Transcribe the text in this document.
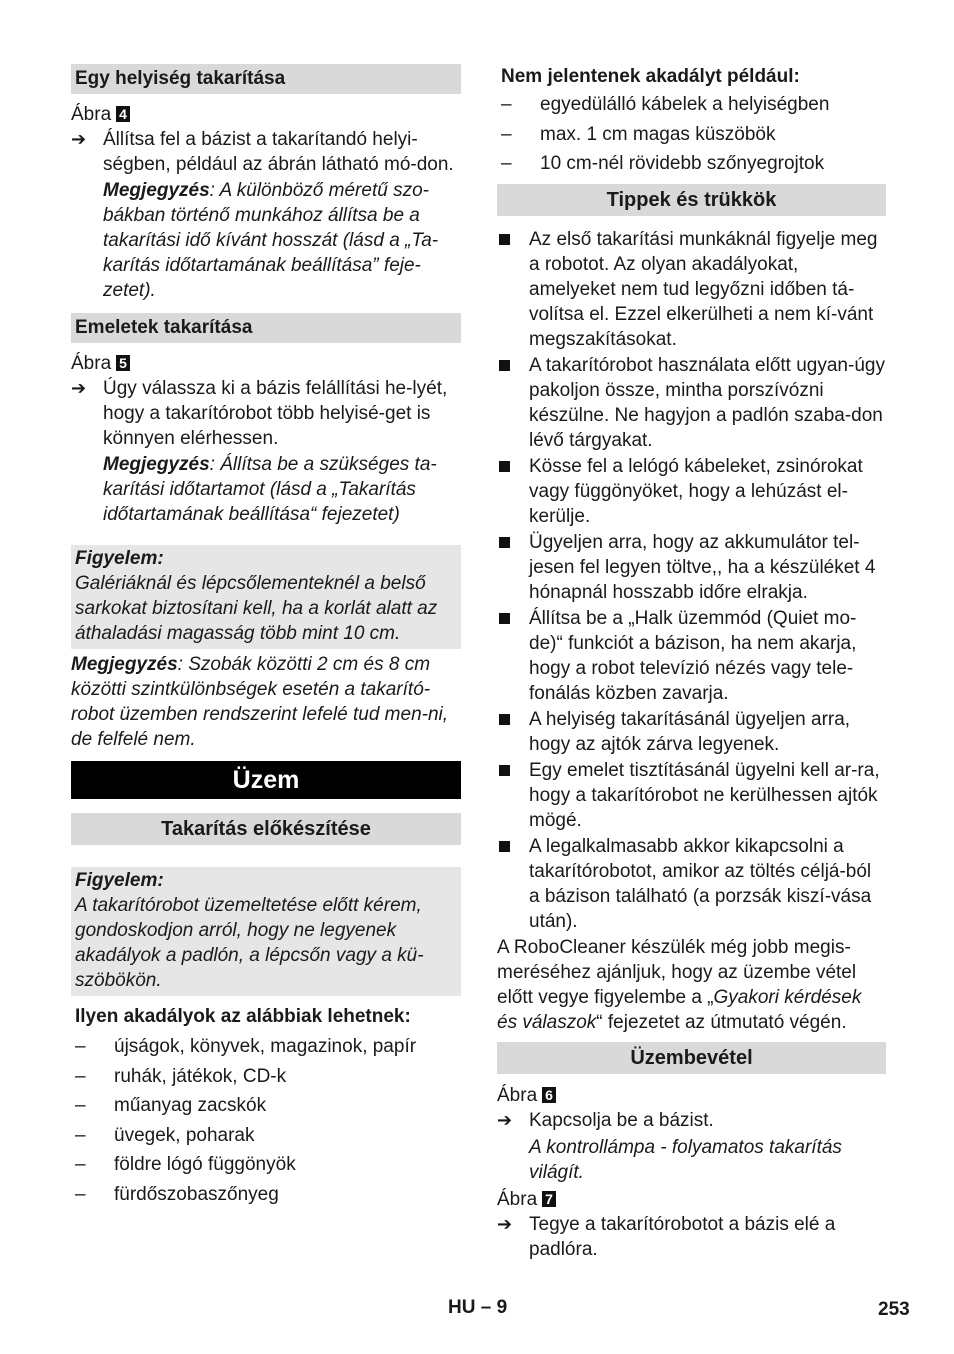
Egy helyiség takarítása
Ábra 4
➔ Állítsa fel a bázist a takarítandó helyi-ségben, például az ábrán látható mó-don.
Megjegyzés: A különböző méretű szo-bákban történő munkához állítsa be a takarítási idő kívánt hosszát (lásd a „Ta-karítás időtartamának beállítása” feje-zetet).
Emeletek takarítása
Ábra 5
➔ Úgy válassza ki a bázis felállítási he-lyét, hogy a takarítórobot több helyisé-get is könnyen elérhessen.
Megjegyzés: Állítsa be a szükséges ta-karítási időtartamot (lásd a „Takarítás időtartamának beállítása“ fejezetet)
Figyelem:
Galériáknál és lépcsőlementeknél a belső sarkokat biztosítani kell, ha a korlát alatt az áthaladási magasság több mint 10 cm.
Megjegyzés: Szobák közötti 2 cm és 8 cm közötti szintkülönbségek esetén a takarító-robot üzemben rendszerint lefelé tud men-ni, de felfelé nem.
Üzem
Takarítás előkészítése
Figyelem:
A takarítórobot üzemeltetése előtt kérem, gondoskodjon arról, hogy ne legyenek akadályok a padlón, a lépcsőn vagy a kü-szöbökön.
Ilyen akadályok az alábbiak lehetnek:
– újságok, könyvek, magazinok, papír
– ruhák, játékok, CD-k
– műanyag zacskók
– üvegek, poharak
– földre lógó függönyök
– fürdőszobaszőnyeg
Nem jelentenek akadályt például:
– egyedülálló kábelek a helyiségben
– max. 1 cm magas küszöbök
– 10 cm-nél rövidebb szőnyegrojtok
Tippek és trükkök
Az első takarítási munkáknál figyelje meg a robotot. Az olyan akadályokat, amelyeket nem tud legyőzni időben tá-volítsa el. Ezzel elkerülheti a nem kí-vánt megszakításokat.
A takarítórobot használata előtt ugyan-úgy pakoljon össze, mintha porszívózni készülne. Ne hagyjon a padlón szaba-don lévő tárgyakat.
Kösse fel a lelógó kábeleket, zsinórokat vagy függönyöket, hogy a lehúzást el-kerülje.
Ügyeljen arra, hogy az akkumulátor tel-jesen fel legyen töltve,, ha a készüléket 4 hónapnál hosszabb időre elrakja.
Állítsa be a „Halk üzemmód (Quiet mo-de)“ funkciót a bázison, ha nem akarja, hogy a robot televízió nézés vagy tele-fonálás közben zavarja.
A helyiség takarításánál ügyeljen arra, hogy az ajtók zárva legyenek.
Egy emelet tisztításánál ügyelni kell ar-ra, hogy a takarítórobot ne kerülhessen ajtók mögé.
A legalkalmasabb akkor kikapcsolni a takarítórobotot, amikor az töltés céljá-ból a bázison található (a porzsák kiszí-vása után).
A RoboCleaner készülék még jobb megis-meréséhez ajánljuk, hogy az üzembe vétel előtt vegye figyelembe a „Gyakori kérdések és válaszok“ fejezetet az útmutató végén.
Üzembevétel
Ábra 6
➔ Kapcsolja be a bázist.
A kontrollámpa - folyamatos takarítás világít.
Ábra 7
➔ Tegye a takarítórobotot a bázis elé a padlóra.
HU – 9	253
